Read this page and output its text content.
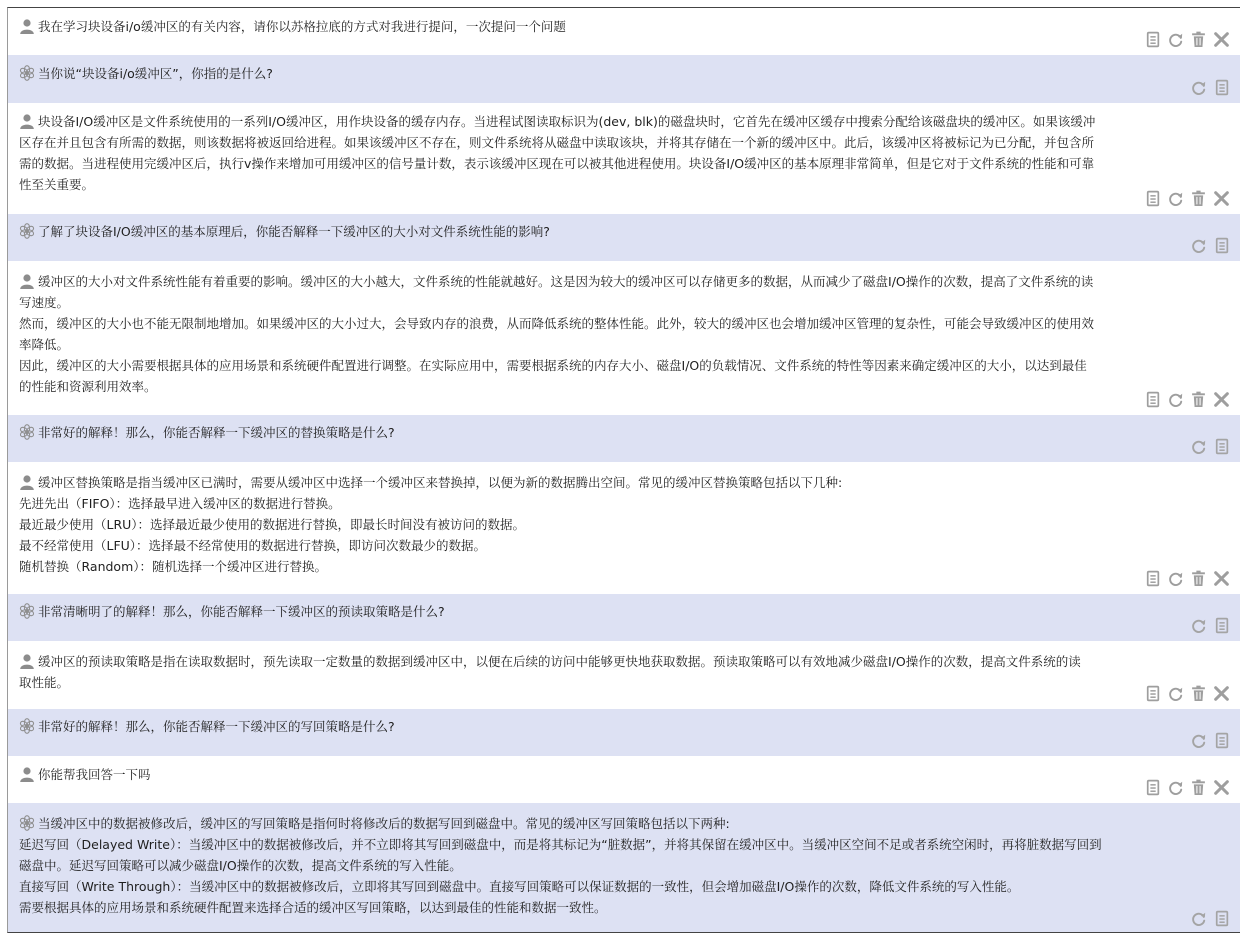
我在学习块设备i/o缓冲区的有关内容，请你以苏格拉底的方式对我进行提问，一次提问一个问题
当你说“块设备i/o缓冲区”，你指的是什么?
块设备I/O缓冲区是文件系统使用的一系列I/O缓冲区，用作块设备的缓存内存。当进程试图读取标识为(dev, blk)的磁盘块时，它首先在缓冲区缓存中搜索分配给该磁盘块的缓冲区。如果该缓冲
区存在并且包含有所需的数据，则该数据将被返回给进程。如果该缓冲区不存在，则文件系统将从磁盘中读取该块，并将其存储在一个新的缓冲区中。此后，该缓冲区将被标记为已分配，并包含所
需的数据。当进程使用完缓冲区后，执行v操作来增加可用缓冲区的信号量计数，表示该缓冲区现在可以被其他进程使用。块设备I/O缓冲区的基本原理非常简单，但是它对于文件系统的性能和可靠
性至关重要。
了解了块设备I/O缓冲区的基本原理后，你能否解释一下缓冲区的大小对文件系统性能的影响?
缓冲区的大小对文件系统性能有着重要的影响。缓冲区的大小越大，文件系统的性能就越好。这是因为较大的缓冲区可以存储更多的数据，从而减少了磁盘I/O操作的次数，提高了文件系统的读
写速度。
然而，缓冲区的大小也不能无限制地增加。如果缓冲区的大小过大，会导致内存的浪费，从而降低系统的整体性能。此外，较大的缓冲区也会增加缓冲区管理的复杂性，可能会导致缓冲区的使用效
率降低。
因此，缓冲区的大小需要根据具体的应用场景和系统硬件配置进行调整。在实际应用中，需要根据系统的内存大小、磁盘I/O的负载情况、文件系统的特性等因素来确定缓冲区的大小，以达到最佳
的性能和资源利用效率。
非常好的解释！那么，你能否解释一下缓冲区的替换策略是什么?
缓冲区替换策略是指当缓冲区已满时，需要从缓冲区中选择一个缓冲区来替换掉，以便为新的数据腾出空间。常见的缓冲区替换策略包括以下几种:
先进先出（FIFO）：选择最早进入缓冲区的数据进行替换。
最近最少使用（LRU）：选择最近最少使用的数据进行替换，即最长时间没有被访问的数据。
最不经常使用（LFU）：选择最不经常使用的数据进行替换，即访问次数最少的数据。
随机替换（Random）：随机选择一个缓冲区进行替换。
非常清晰明了的解释！那么，你能否解释一下缓冲区的预读取策略是什么?
缓冲区的预读取策略是指在读取数据时，预先读取一定数量的数据到缓冲区中，以便在后续的访问中能够更快地获取数据。预读取策略可以有效地减少磁盘I/O操作的次数，提高文件系统的读
取性能。
非常好的解释！那么，你能否解释一下缓冲区的写回策略是什么?
你能帮我回答一下吗
当缓冲区中的数据被修改后，缓冲区的写回策略是指何时将修改后的数据写回到磁盘中。常见的缓冲区写回策略包括以下两种:
延迟写回（Delayed Write）：当缓冲区中的数据被修改后，并不立即将其写回到磁盘中，而是将其标记为“脏数据”，并将其保留在缓冲区中。当缓冲区空间不足或者系统空闲时，再将脏数据写回到
磁盘中。延迟写回策略可以减少磁盘I/O操作的次数，提高文件系统的写入性能。
直接写回（Write Through）：当缓冲区中的数据被修改后，立即将其写回到磁盘中。直接写回策略可以保证数据的一致性，但会增加磁盘I/O操作的次数，降低文件系统的写入性能。
需要根据具体的应用场景和系统硬件配置来选择合适的缓冲区写回策略，以达到最佳的性能和数据一致性。
